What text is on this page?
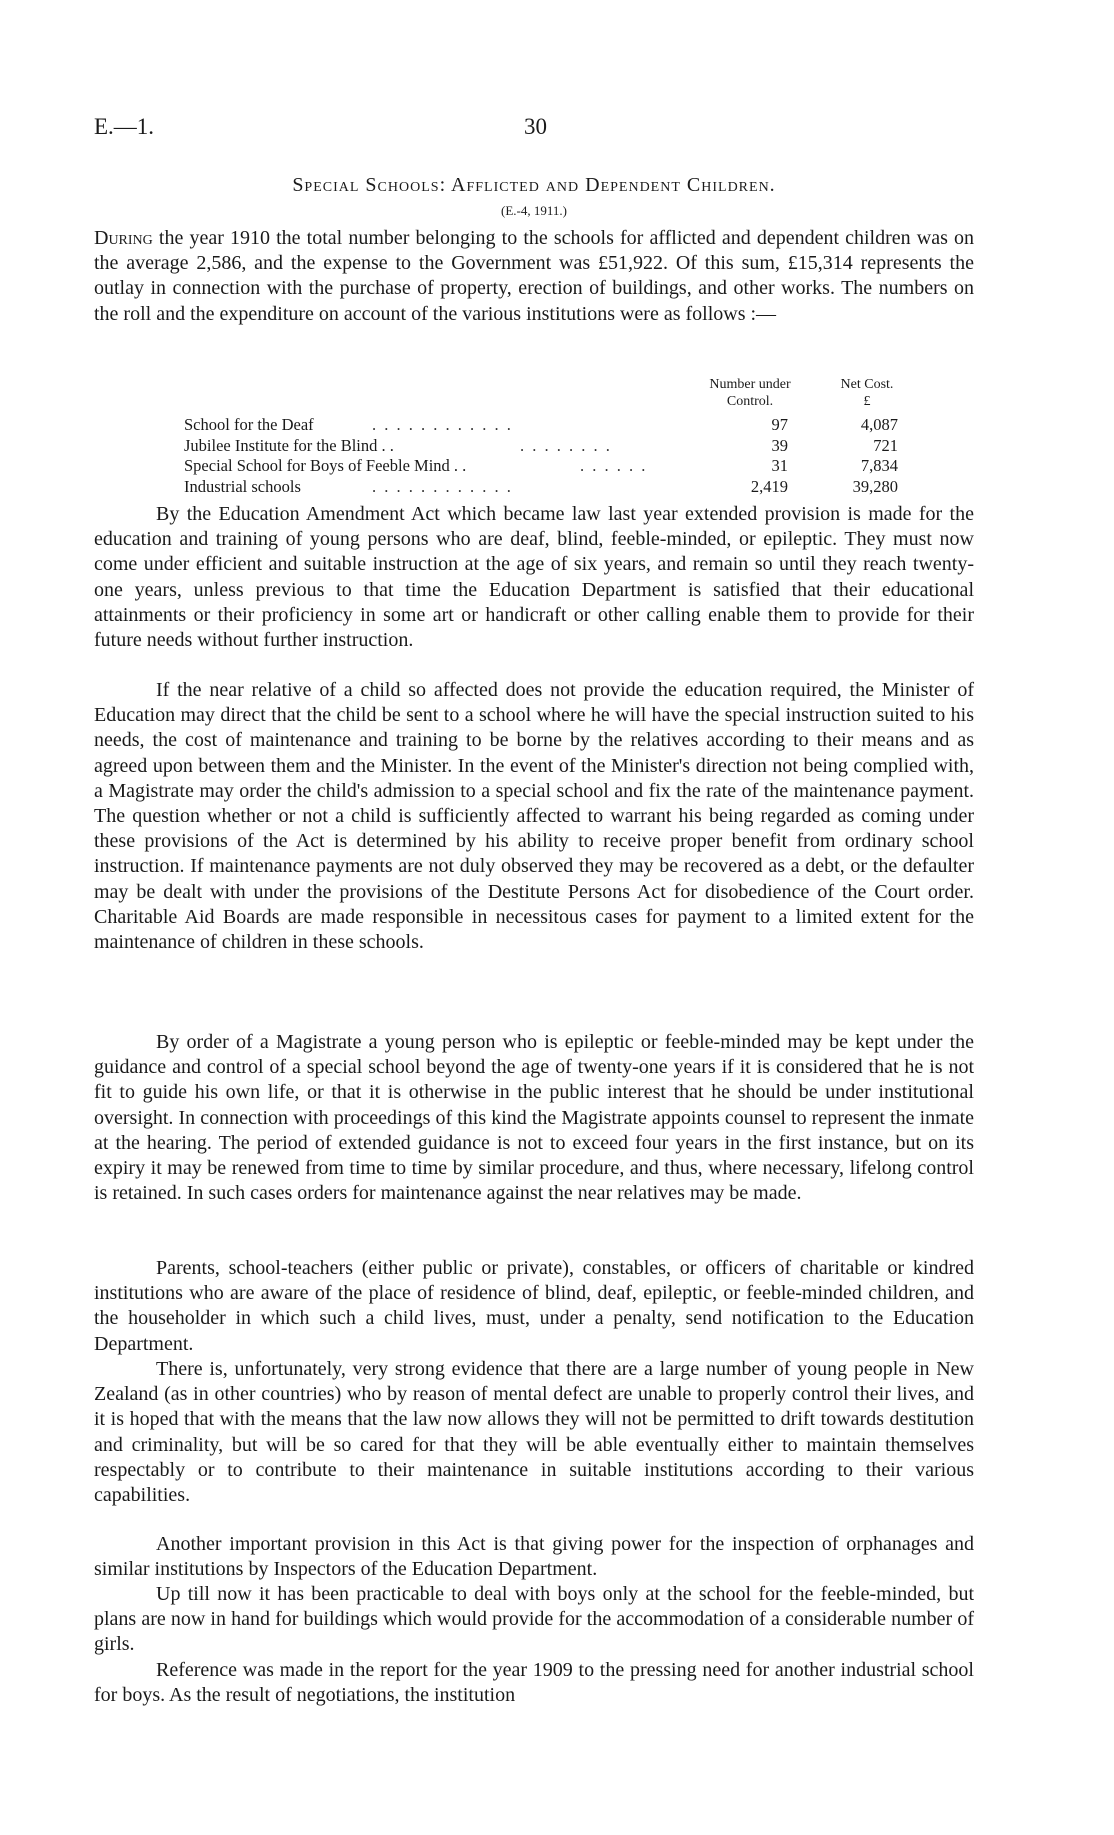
E.—1.	30
Special Schools: Afflicted and Dependent Children.
(E.-4, 1911.)

During the year 1910 the total number belonging to the schools for afflicted and dependent children was on the average 2,586, and the expense to the Government was £51,922. Of this sum, £15,314 represents the outlay in connection with the purchase of property, erection of buildings, and other works. The numbers on the roll and the expenditure on account of the various institutions were as follows :—

Number under
Control.
Net Cost.
£
School for the Deaf	. . . . . . . . . . . .	97	4,087
Jubilee Institute for the Blind . .	. . . . . . . .	39	721
Special School for Boys of Feeble Mind . .	. . . . . .	31	7,834
Industrial schools	. . . . . . . . . . . .	2,419	39,280

By the Education Amendment Act which became law last year extended provision is made for the education and training of young persons who are deaf, blind, feeble-minded, or epileptic. They must now come under efficient and suitable instruction at the age of six years, and remain so until they reach twenty-one years, unless previous to that time the Education Department is satisfied that their educational attainments or their proficiency in some art or handicraft or other calling enable them to provide for their future needs without further instruction.

If the near relative of a child so affected does not provide the education required, the Minister of Education may direct that the child be sent to a school where he will have the special instruction suited to his needs, the cost of maintenance and training to be borne by the relatives according to their means and as agreed upon between them and the Minister. In the event of the Minister's direction not being complied with, a Magistrate may order the child's admission to a special school and fix the rate of the maintenance payment. The question whether or not a child is sufficiently affected to warrant his being regarded as coming under these provisions of the Act is determined by his ability to receive proper benefit from ordinary school instruction. If maintenance payments are not duly observed they may be recovered as a debt, or the defaulter may be dealt with under the provisions of the Destitute Persons Act for disobedience of the Court order. Charitable Aid Boards are made responsible in necessitous cases for payment to a limited extent for the maintenance of children in these schools.

By order of a Magistrate a young person who is epileptic or feeble-minded may be kept under the guidance and control of a special school beyond the age of twenty-one years if it is considered that he is not fit to guide his own life, or that it is otherwise in the public interest that he should be under institutional oversight. In connection with proceedings of this kind the Magistrate appoints counsel to represent the inmate at the hearing. The period of extended guidance is not to exceed four years in the first instance, but on its expiry it may be renewed from time to time by similar procedure, and thus, where necessary, lifelong control is retained. In such cases orders for maintenance against the near relatives may be made.

Parents, school-teachers (either public or private), constables, or officers of charitable or kindred institutions who are aware of the place of residence of blind, deaf, epileptic, or feeble-minded children, and the householder in which such a child lives, must, under a penalty, send notification to the Education Department.

There is, unfortunately, very strong evidence that there are a large number of young people in New Zealand (as in other countries) who by reason of mental defect are unable to properly control their lives, and it is hoped that with the means that the law now allows they will not be permitted to drift towards destitution and criminality, but will be so cared for that they will be able eventually either to maintain themselves respectably or to contribute to their maintenance in suitable institutions according to their various capabilities.

Another important provision in this Act is that giving power for the inspection of orphanages and similar institutions by Inspectors of the Education Department.

Up till now it has been practicable to deal with boys only at the school for the feeble-minded, but plans are now in hand for buildings which would provide for the accommodation of a considerable number of girls.

Reference was made in the report for the year 1909 to the pressing need for another industrial school for boys. As the result of negotiations, the institution
